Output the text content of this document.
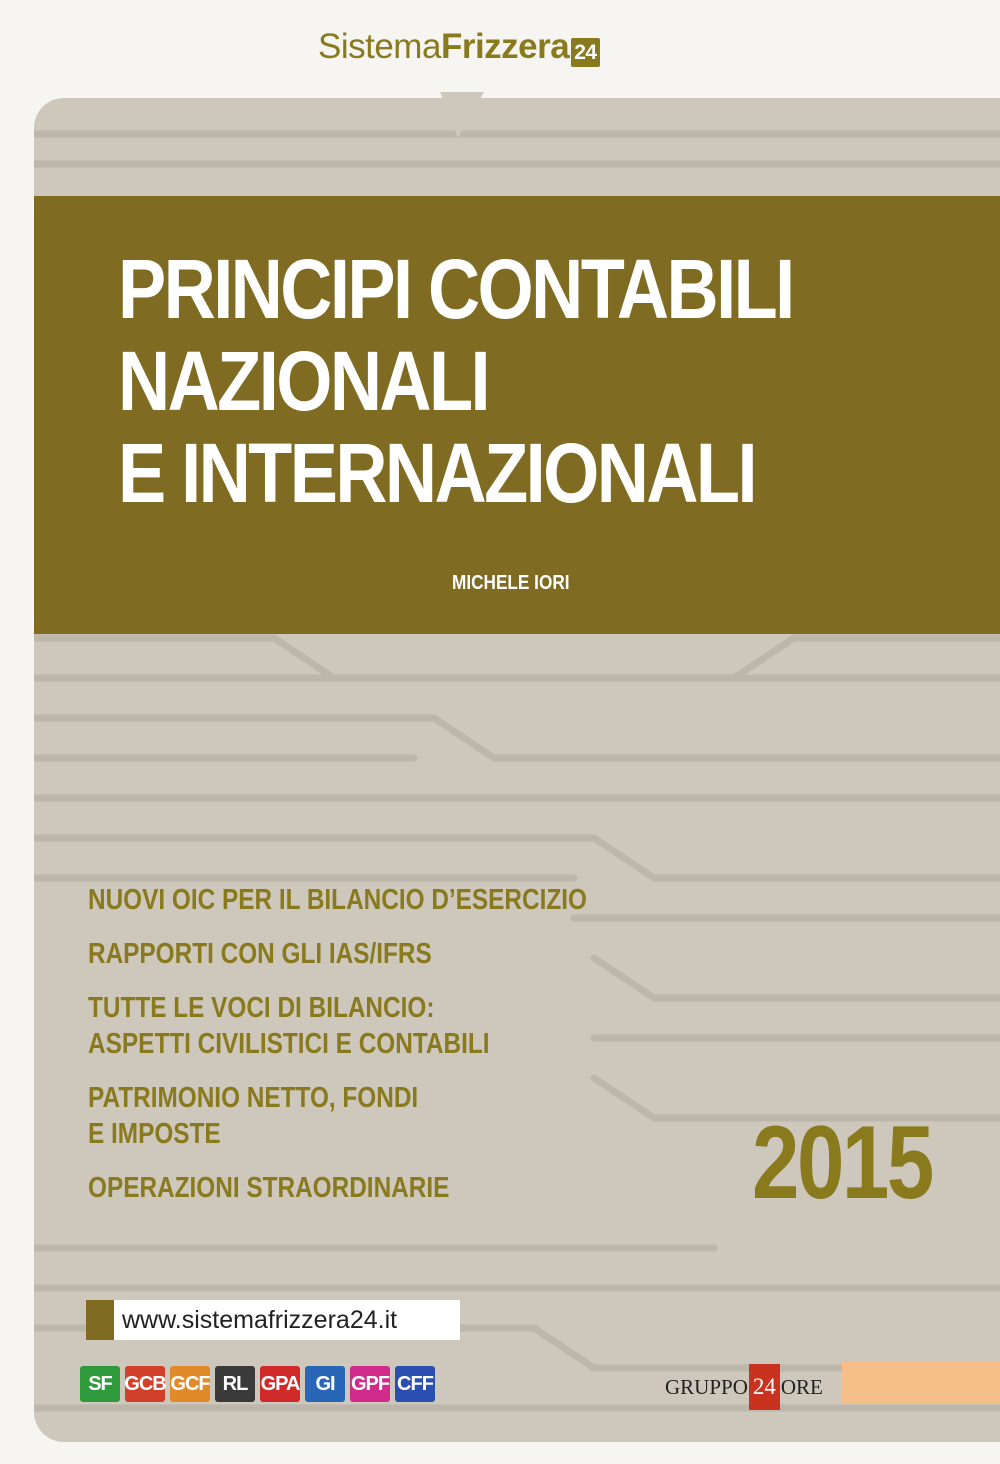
Sistema Frizzera 24
PRINCIPI CONTABILI
NAZIONALI
E INTERNAZIONALI
MICHELE IORI
NUOVI OIC PER IL BILANCIO D’ESERCIZIO
RAPPORTI CON GLI IAS/IFRS
TUTTE LE VOCI DI BILANCIO:
ASPETTI CIVILISTICI E CONTABILI
PATRIMONIO NETTO, FONDI
E IMPOSTE
OPERAZIONI STRAORDINARIE	2015
www.sistemafrizzera24.it
SF GCB GCF RL GPA GI GPF CFF	GRUPPO 24 ORE
